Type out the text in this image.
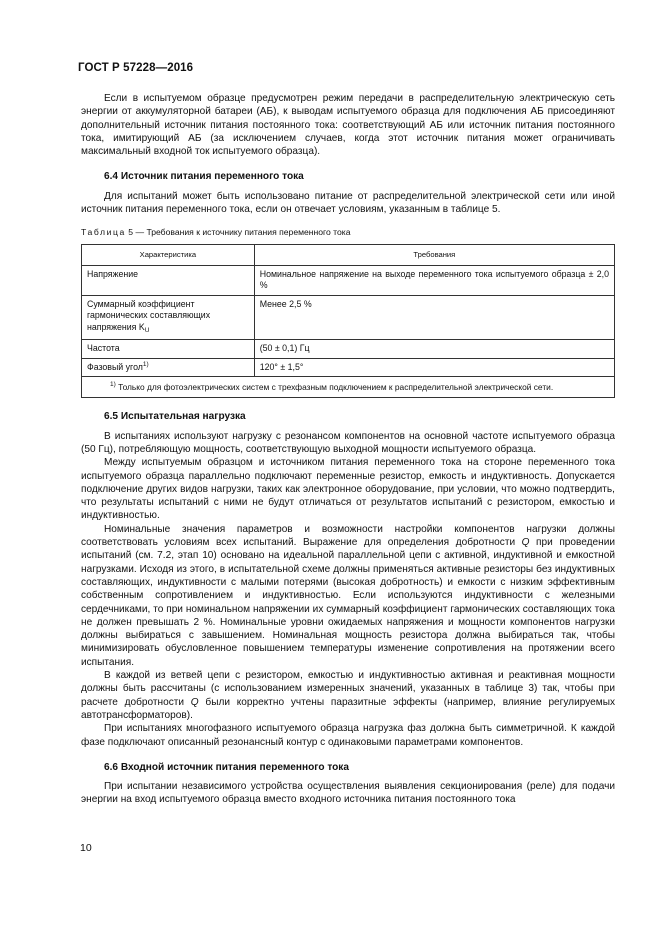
ГОСТ Р 57228—2016

Если в испытуемом образце предусмотрен режим передачи в распределительную электрическую сеть энергии от аккумуляторной батареи (АБ), к выводам испытуемого образца для подключения АБ присоединяют дополнительный источник питания постоянного тока: соответствующий АБ или источник питания постоянного тока, имитирующий АБ (за исключением случаев, когда этот источник питания может ограничивать максимальный входной ток испытуемого образца).

6.4 Источник питания переменного тока

Для испытаний может быть использовано питание от распределительной электрической сети или иной источник питания переменного тока, если он отвечает условиям, указанным в таблице 5.

Таблица 5 — Требования к источнику питания переменного тока
Характеристика	Требования
Напряжение	Номинальное напряжение на выходе переменного тока испытуемого образца ± 2,0 %
Суммарный коэффициент гармонических составляющих напряжения $K_U$	Менее 2,5 %
Частота	(50 ± 0,1) Гц
Фазовый угол$^{1)}$	120° ± 1,5°
$^{1)}$ Только для фотоэлектрических систем с трехфазным подключением к распределительной электрической сети.	
6.5 Испытательная нагрузка

В испытаниях используют нагрузку с резонансом компонентов на основной частоте испытуемого образца (50 Гц), потребляющую мощность, соответствующую выходной мощности испытуемого образца.

Между испытуемым образцом и источником питания переменного тока на стороне переменного тока испытуемого образца параллельно подключают переменные резистор, емкость и индуктивность. Допускается подключение других видов нагрузки, таких как электронное оборудование, при условии, что можно подтвердить, что результаты испытаний с ними не будут отличаться от результатов испытаний с резистором, емкостью и индуктивностью.

Номинальные значения параметров и возможности настройки компонентов нагрузки должны соответствовать условиям всех испытаний. Выражение для определения добротности Q при проведении испытаний (см. 7.2, этап 10) основано на идеальной параллельной цепи с активной, индуктивной и емкостной нагрузками. Исходя из этого, в испытательной схеме должны применяться активные резисторы без индуктивных составляющих, индуктивности с малыми потерями (высокая добротность) и емкости с низким эффективным собственным сопротивлением и индуктивностью. Если используются индуктивности с железными сердечниками, то при номинальном напряжении их суммарный коэффициент гармонических составляющих тока не должен превышать 2 %. Номинальные уровни ожидаемых напряжения и мощности компонентов нагрузки должны выбираться с завышением. Номинальная мощность резистора должна выбираться так, чтобы минимизировать обусловленное повышением температуры изменение сопротивления на протяжении всего испытания.

В каждой из ветвей цепи с резистором, емкостью и индуктивностью активная и реактивная мощности должны быть рассчитаны (с использованием измеренных значений, указанных в таблице 3) так, чтобы при расчете добротности Q были корректно учтены паразитные эффекты (например, влияние регулируемых автотрансформаторов).

При испытаниях многофазного испытуемого образца нагрузка фаз должна быть симметричной. К каждой фазе подключают описанный резонансный контур с одинаковыми параметрами компонентов.

6.6 Входной источник питания переменного тока

При испытании независимого устройства осуществления выявления секционирования (реле) для подачи энергии на вход испытуемого образца вместо входного источника питания постоянного тока

10
